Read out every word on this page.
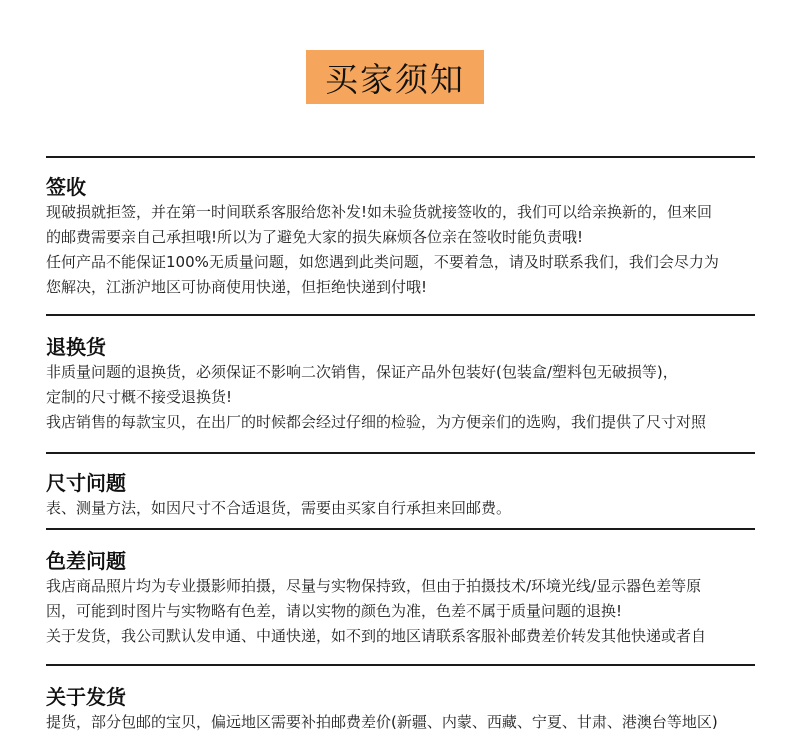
买家须知
签收
现破损就拒签，并在第一时间联系客服给您补发!如未验货就接签收的，我们可以给亲换新的，但来回
的邮费需要亲自己承担哦!所以为了避免大家的损失麻烦各位亲在签收时能负责哦!
任何产品不能保证100%无质量问题，如您遇到此类问题，不要着急，请及时联系我们，我们会尽力为
您解决，江浙沪地区可协商使用快递，但拒绝快递到付哦!
退换货
非质量问题的退换货，必须保证不影响二次销售，保证产品外包装好(包装盒/塑料包无破损等)，
定制的尺寸概不接受退换货!
我店销售的每款宝贝，在出厂的时候都会经过仔细的检验，为方便亲们的选购，我们提供了尺寸对照
尺寸问题
表、测量方法，如因尺寸不合适退货，需要由买家自行承担来回邮费。
色差问题
我店商品照片均为专业摄影师拍摄，尽量与实物保持致，但由于拍摄技术/环境光线/显示器色差等原
因，可能到时图片与实物略有色差，请以实物的颜色为准，色差不属于质量问题的退换!
关于发货，我公司默认发申通、中通快递，如不到的地区请联系客服补邮费差价转发其他快递或者自
关于发货
提货，部分包邮的宝贝，偏远地区需要补拍邮费差价(新疆、内蒙、西藏、宁夏、甘肃、港澳台等地区)
